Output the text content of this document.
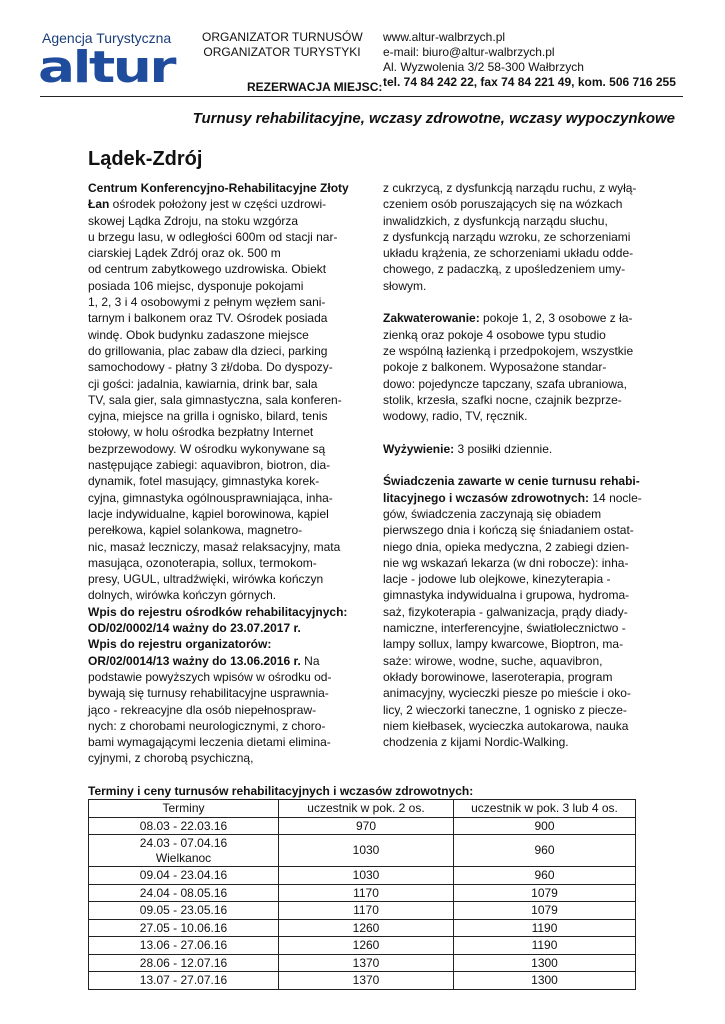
Agencja Turystyczna
altur
ORGANIZATOR TURNUSÓW
ORGANIZATOR TURYSTYKI
REZERWACJA MIEJSC:
www.altur-walbrzych.pl
e-mail: biuro@altur-walbrzych.pl
Al. Wyzwolenia 3/2 58-300 Wałbrzych
tel. 74 84 242 22, fax 74 84 221 49, kom. 506 716 255
Turnusy rehabilitacyjne, wczasy zdrowotne, wczasy wypoczynkowe
Lądek-Zdrój
Centrum Konferencyjno-Rehabilitacyjne Złoty
Łan ośrodek położony jest w części uzdrowi-
skowej Lądka Zdroju, na stoku wzgórza
u brzegu lasu, w odległości 600m od stacji nar-
ciarskiej Lądek Zdrój oraz ok. 500 m
od centrum zabytkowego uzdrowiska. Obiekt
posiada 106 miejsc, dysponuje pokojami
1, 2, 3 i 4 osobowymi z pełnym węzłem sani-
tarnym i balkonem oraz TV. Ośrodek posiada
windę. Obok budynku zadaszone miejsce
do grillowania, plac zabaw dla dzieci, parking
samochodowy - płatny 3 zł/doba. Do dyspozy-
cji gości: jadalnia, kawiarnia, drink bar, sala
TV, sala gier, sala gimnastyczna, sala konferen-
cyjna, miejsce na grilla i ognisko, bilard, tenis
stołowy, w holu ośrodka bezpłatny Internet
bezprzewodowy. W ośrodku wykonywane są
następujące zabiegi: aquavibron, biotron, dia-
dynamik, fotel masujący, gimnastyka korek-
cyjna, gimnastyka ogólnousprawniająca, inha-
lacje indywidualne, kąpiel borowinowa, kąpiel
perełkowa, kąpiel solankowa, magnetro-
nic, masaż leczniczy, masaż relaksacyjny, mata
masująca, ozonoterapia, sollux, termokom-
presy, UGUL, ultradźwięki, wirówka kończyn
dolnych, wirówka kończyn górnych.
Wpis do rejestru ośrodków rehabilitacyjnych:
OD/02/0002/14 ważny do 23.07.2017 r.
Wpis do rejestru organizatorów:
OR/02/0014/13 ważny do 13.06.2016 r. Na
podstawie powyższych wpisów w ośrodku od-
bywają się turnusy rehabilitacyjne usprawnia-
jąco - rekreacyjne dla osób niepełnospraw-
nych: z chorobami neurologicznymi, z choro-
bami wymagającymi leczenia dietami elimina-
cyjnymi, z chorobą psychiczną,
z cukrzycą, z dysfunkcją narządu ruchu, z wyłą-
czeniem osób poruszających się na wózkach
inwalidzkich, z dysfunkcją narządu słuchu,
z dysfunkcją narządu wzroku, ze schorzeniami
układu krążenia, ze schorzeniami układu odde-
chowego, z padaczką, z upośledzeniem umy-
słowym.
Zakwaterowanie: pokoje 1, 2, 3 osobowe z ła-
zienką oraz pokoje 4 osobowe typu studio
ze wspólną łazienką i przedpokojem, wszystkie
pokoje z balkonem. Wyposażone standar-
dowo: pojedyncze tapczany, szafa ubraniowa,
stolik, krzesła, szafki nocne, czajnik bezprze-
wodowy, radio, TV, ręcznik.
Wyżywienie: 3 posiłki dziennie.
Świadczenia zawarte w cenie turnusu rehabi-
litacyjnego i wczasów zdrowotnych: 14 nocle-
gów, świadczenia zaczynają się obiadem
pierwszego dnia i kończą się śniadaniem ostat-
niego dnia, opieka medyczna, 2 zabiegi dzien-
nie wg wskazań lekarza (w dni robocze): inha-
lacje - jodowe lub olejkowe, kinezyterapia -
gimnastyka indywidualna i grupowa, hydroma-
saż, fizykoterapia - galwanizacja, prądy diady-
namiczne, interferencyjne, światłolecznictwo -
lampy sollux, lampy kwarcowe, Bioptron, ma-
saże: wirowe, wodne, suche, aquavibron,
okłady borowinowe, laseroterapia, program
animacyjny, wycieczki piesze po mieście i oko-
licy, 2 wieczorki taneczne, 1 ognisko z piecze-
niem kiełbasek, wycieczka autokarowa, nauka
chodzenia z kijami Nordic-Walking.
Terminy i ceny turnusów rehabilitacyjnych i wczasów zdrowotnych:
Terminy	uczestnik w pok. 2 os.	uczestnik w pok. 3 lub 4 os.

08.03 - 22.03.16	970	900

24.03 - 07.04.16
Wielkanoc	1030	960

09.04 - 23.04.16	1030	960

24.04 - 08.05.16	1170	1079

09.05 - 23.05.16	1170	1079

27.05 - 10.06.16	1260	1190

13.06 - 27.06.16	1260	1190

28.06 - 12.07.16	1370	1300

13.07 - 27.07.16	1370	1300
